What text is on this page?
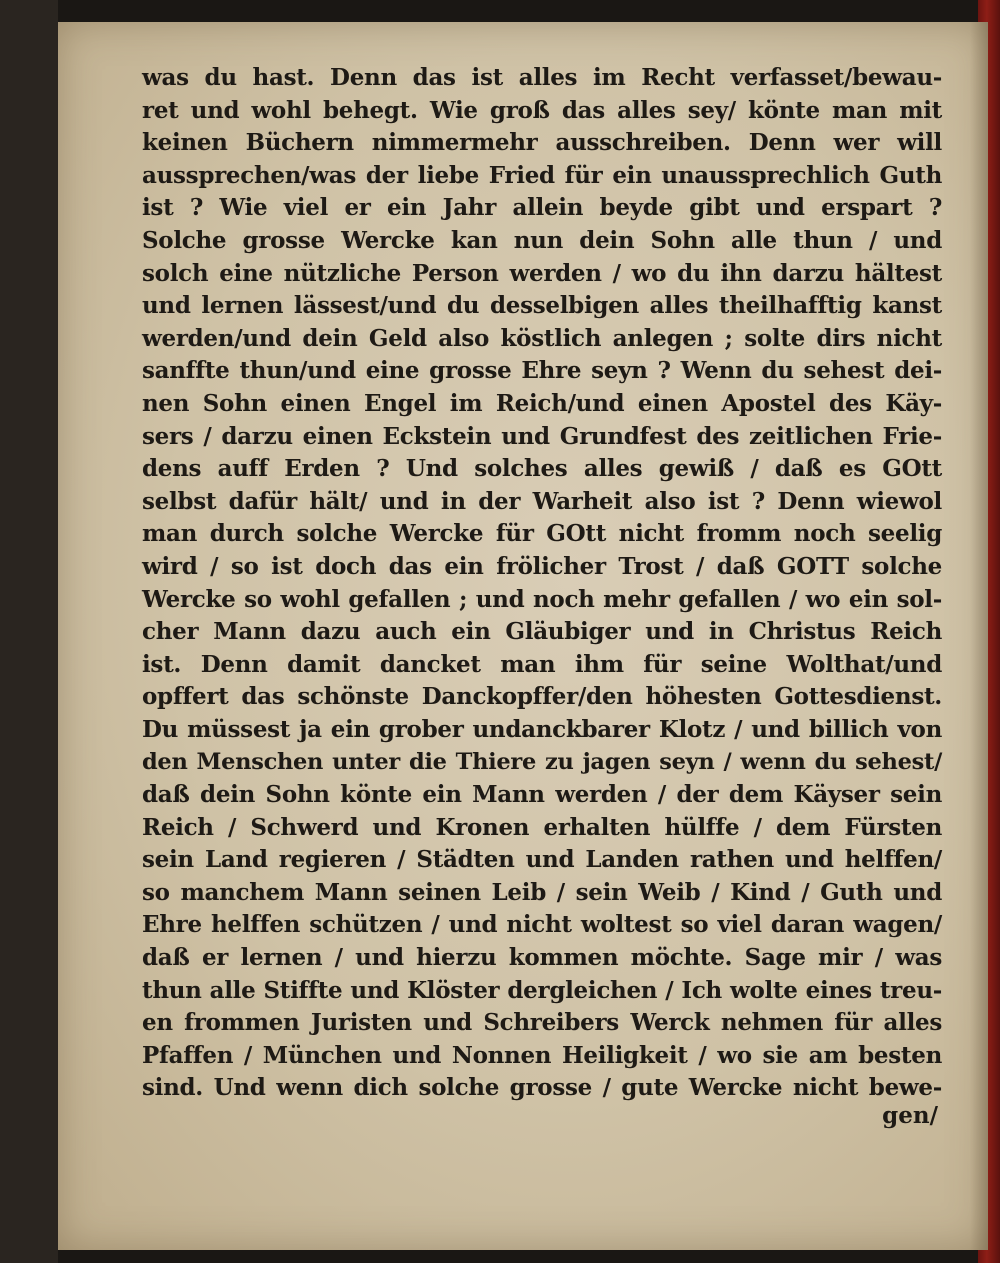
was du hast. Denn das ist alles im Recht verfasset/bewau-
ret und wohl behegt. Wie groß das alles sey/ könte man mit
keinen Büchern nimmermehr ausschreiben. Denn wer will
aussprechen/was der liebe Fried für ein unaussprechlich Guth
ist ? Wie viel er ein Jahr allein beyde gibt und erspart ?
Solche grosse Wercke kan nun dein Sohn alle thun / und
solch eine nützliche Person werden / wo du ihn darzu hältest
und lernen lässest/und du desselbigen alles theilhafftig kanst
werden/und dein Geld also köstlich anlegen ; solte dirs nicht
sanffte thun/und eine grosse Ehre seyn ? Wenn du sehest dei-
nen Sohn einen Engel im Reich/und einen Apostel des Käy-
sers / darzu einen Eckstein und Grundfest des zeitlichen Frie-
dens auff Erden ? Und solches alles gewiß / daß es GOtt
selbst dafür hält/ und in der Warheit also ist ? Denn wiewol
man durch solche Wercke für GOtt nicht fromm noch seelig
wird / so ist doch das ein frölicher Trost / daß GOTT solche
Wercke so wohl gefallen ; und noch mehr gefallen / wo ein sol-
cher Mann dazu auch ein Gläubiger und in Christus Reich
ist. Denn damit dancket man ihm für seine Wolthat/und
opffert das schönste Danckopffer/den höhesten Gottesdienst.
Du müssest ja ein grober undanckbarer Klotz / und billich von
den Menschen unter die Thiere zu jagen seyn / wenn du sehest/
daß dein Sohn könte ein Mann werden / der dem Käyser sein
Reich / Schwerd und Kronen erhalten hülffe / dem Fürsten
sein Land regieren / Städten und Landen rathen und helffen/
so manchem Mann seinen Leib / sein Weib / Kind / Guth und
Ehre helffen schützen / und nicht woltest so viel daran wagen/
daß er lernen / und hierzu kommen möchte. Sage mir / was
thun alle Stiffte und Klöster dergleichen / Ich wolte eines treu-
en frommen Juristen und Schreibers Werck nehmen für alles
Pfaffen / München und Nonnen Heiligkeit / wo sie am besten
sind. Und wenn dich solche grosse / gute Wercke nicht bewe-
gen/
